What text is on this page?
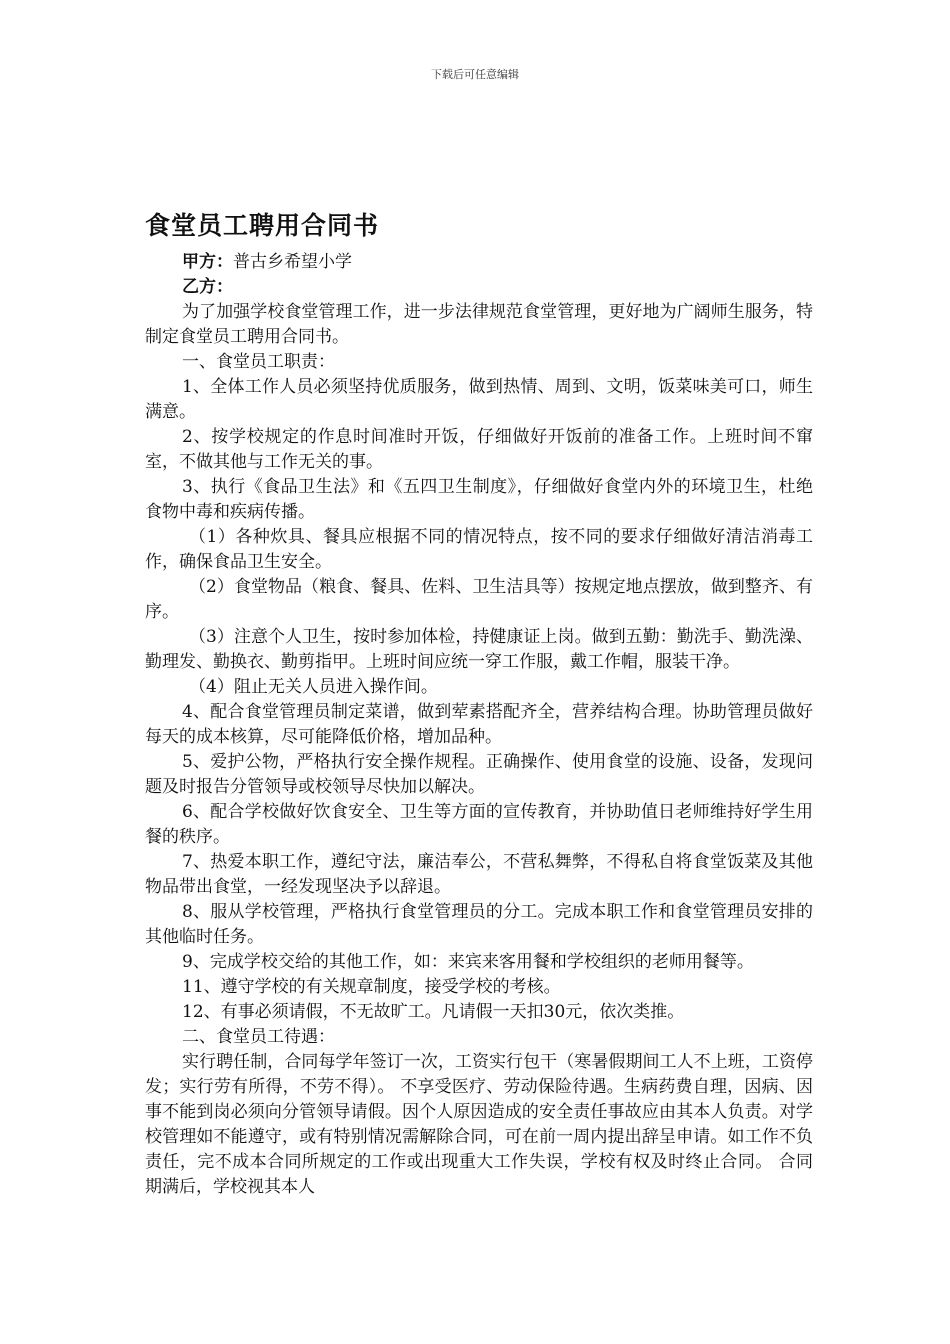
下载后可任意编辑
食堂员工聘用合同书

甲方：普古乡希望小学

乙方：

为了加强学校食堂管理工作，进一步法律规范食堂管理，更好地为广阔师生服务，特制定食堂员工聘用合同书。

一、食堂员工职责：

1、全体工作人员必须坚持优质服务，做到热情、周到、文明，饭菜味美可口，师生满意。

2、按学校规定的作息时间准时开饭，仔细做好开饭前的准备工作。上班时间不窜室，不做其他与工作无关的事。

3、执行《食品卫生法》和《五四卫生制度》，仔细做好食堂内外的环境卫生，杜绝食物中毒和疾病传播。

（1）各种炊具、餐具应根据不同的情况特点，按不同的要求仔细做好清洁消毒工作，确保食品卫生安全。

（2）食堂物品（粮食、餐具、佐料、卫生洁具等）按规定地点摆放，做到整齐、有序。

（3）注意个人卫生，按时参加体检，持健康证上岗。做到五勤：勤洗手、勤洗澡、勤理发、勤换衣、勤剪指甲。上班时间应统一穿工作服，戴工作帽，服装干净。

（4）阻止无关人员进入操作间。

4、配合食堂管理员制定菜谱，做到荤素搭配齐全，营养结构合理。协助管理员做好每天的成本核算，尽可能降低价格，增加品种。

5、爱护公物，严格执行安全操作规程。正确操作、使用食堂的设施、设备，发现问题及时报告分管领导或校领导尽快加以解决。

6、配合学校做好饮食安全、卫生等方面的宣传教育，并协助值日老师维持好学生用餐的秩序。

7、热爱本职工作，遵纪守法，廉洁奉公，不营私舞弊，不得私自将食堂饭菜及其他物品带出食堂，一经发现坚决予以辞退。

8、服从学校管理，严格执行食堂管理员的分工。完成本职工作和食堂管理员安排的其他临时任务。

9、完成学校交给的其他工作，如：来宾来客用餐和学校组织的老师用餐等。

11、遵守学校的有关规章制度，接受学校的考核。

12、有事必须请假，不无故旷工。凡请假一天扣30元，依次类推。

二、食堂员工待遇：

实行聘任制，合同每学年签订一次，工资实行包干（寒暑假期间工人不上班，工资停发；实行劳有所得，不劳不得）。 不享受医疗、劳动保险待遇。生病药费自理，因病、因事不能到岗必须向分管领导请假。因个人原因造成的安全责任事故应由其本人负责。对学校管理如不能遵守，或有特别情况需解除合同，可在前一周内提出辞呈申请。如工作不负责任，完不成本合同所规定的工作或出现重大工作失误，学校有权及时终止合同。 合同期满后，学校视其本人
